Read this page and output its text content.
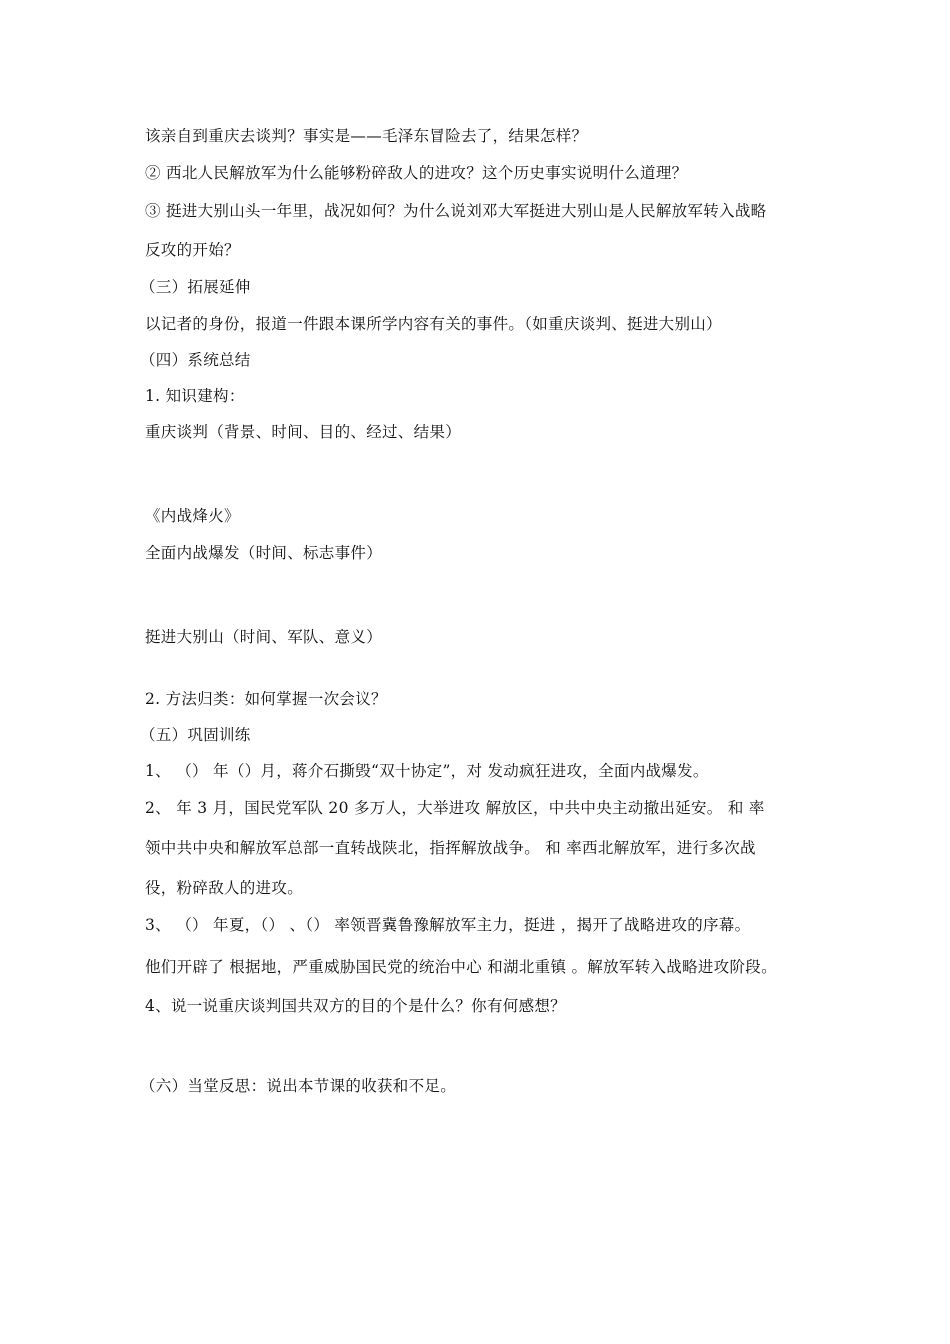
该亲自到重庆去谈判？事实是——毛泽东冒险去了，结果怎样？
② 西北人民解放军为什么能够粉碎敌人的进攻？这个历史事实说明什么道理？
③ 挺进大别山头一年里，战况如何？为什么说刘邓大军挺进大别山是人民解放军转入战略
反攻的开始？
（三）拓展延伸
以记者的身份，报道一件跟本课所学内容有关的事件。（如重庆谈判、挺进大别山）
（四）系统总结
1. 知识建构：
重庆谈判（背景、时间、目的、经过、结果）
《内战烽火》
全面内战爆发（时间、标志事件）
挺进大别山（时间、军队、意义）
2. 方法归类：如何掌握一次会议？
（五）巩固训练
1、 （） 年（）月，蒋介石撕毁“双十协定”，对 发动疯狂进攻，全面内战爆发。
2、 年 3 月，国民党军队 20 多万人，大举进攻 解放区，中共中央主动撤出延安。 和 率
领中共中央和解放军总部一直转战陕北，指挥解放战争。 和 率西北解放军，进行多次战
役，粉碎敌人的进攻。
3、 （） 年夏，（） 、（） 率领晋冀鲁豫解放军主力，挺进 ，揭开了战略进攻的序幕。
他们开辟了 根据地，严重威胁国民党的统治中心 和湖北重镇 。解放军转入战略进攻阶段。
4、说一说重庆谈判国共双方的目的个是什么？你有何感想？
（六）当堂反思：说出本节课的收获和不足。
